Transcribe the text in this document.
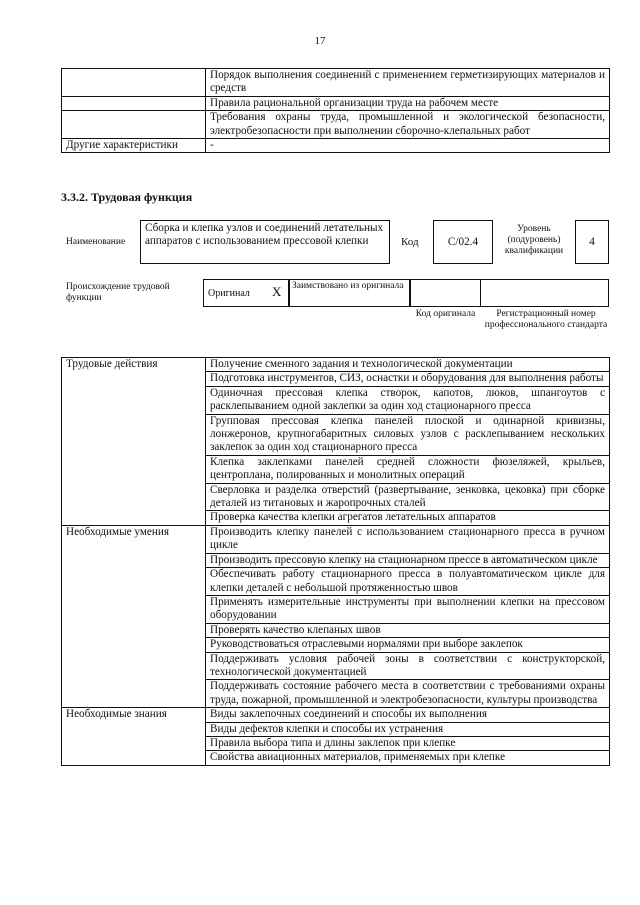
17
	Порядок выполнения соединений с применением герметизирующих материалов и средств
	Правила рациональной организации труда на рабочем месте
	Требования охраны труда, промышленной и экологической безопасности, электробезопасности при выполнении сборочно-клепальных работ
Другие характеристики	-
3.3.2. Трудовая функция
Наименование
Сборка и клепка узлов и соединений летательных аппаратов с использованием прессовой клепки	Код	C/02.4
Уровень (подуровень) квалификации
4
Происхождение трудовой функции	Оригинал X Заимствовано из оригинала
Код оригинала	Регистрационный номер профессионального стандарта
Трудовые действия	Получение сменного задания и технологической документации
	Подготовка инструментов, СИЗ, оснастки и оборудования для выполнения работы
	Одиночная прессовая клепка створок, капотов, люков, шпангоутов с расклепыванием одной заклепки за один ход стационарного пресса
	Групповая прессовая клепка панелей плоской и одинарной кривизны, лонжеронов, крупногабаритных силовых узлов с расклепыванием нескольких заклепок за один ход стационарного пресса
	Клепка заклепками панелей средней сложности фюзеляжей, крыльев, центроплана, полированных и монолитных операций
	Сверловка и разделка отверстий (развертывание, зенковка, цековка) при сборке деталей из титановых и жаропрочных сталей
	Проверка качества клепки агрегатов летательных аппаратов
Необходимые умения	Производить клепку панелей с использованием стационарного пресса в ручном цикле
	Производить прессовую клепку на стационарном прессе в автоматическом цикле
	Обеспечивать работу стационарного пресса в полуавтоматическом цикле для клепки деталей с небольшой протяженностью швов
	Применять измерительные инструменты при выполнении клепки на прессовом оборудовании
	Проверять качество клепаных швов
	Руководствоваться отраслевыми нормалями при выборе заклепок
	Поддерживать условия рабочей зоны в соответствии с конструкторской, технологической документацией
	Поддерживать состояние рабочего места в соответствии с требованиями охраны труда, пожарной, промышленной и электробезопасности, культуры производства
Необходимые знания	Виды заклепочных соединений и способы их выполнения
	Виды дефектов клепки и способы их устранения
	Правила выбора типа и длины заклепок при клепке
	Свойства авиационных материалов, применяемых при клепке
